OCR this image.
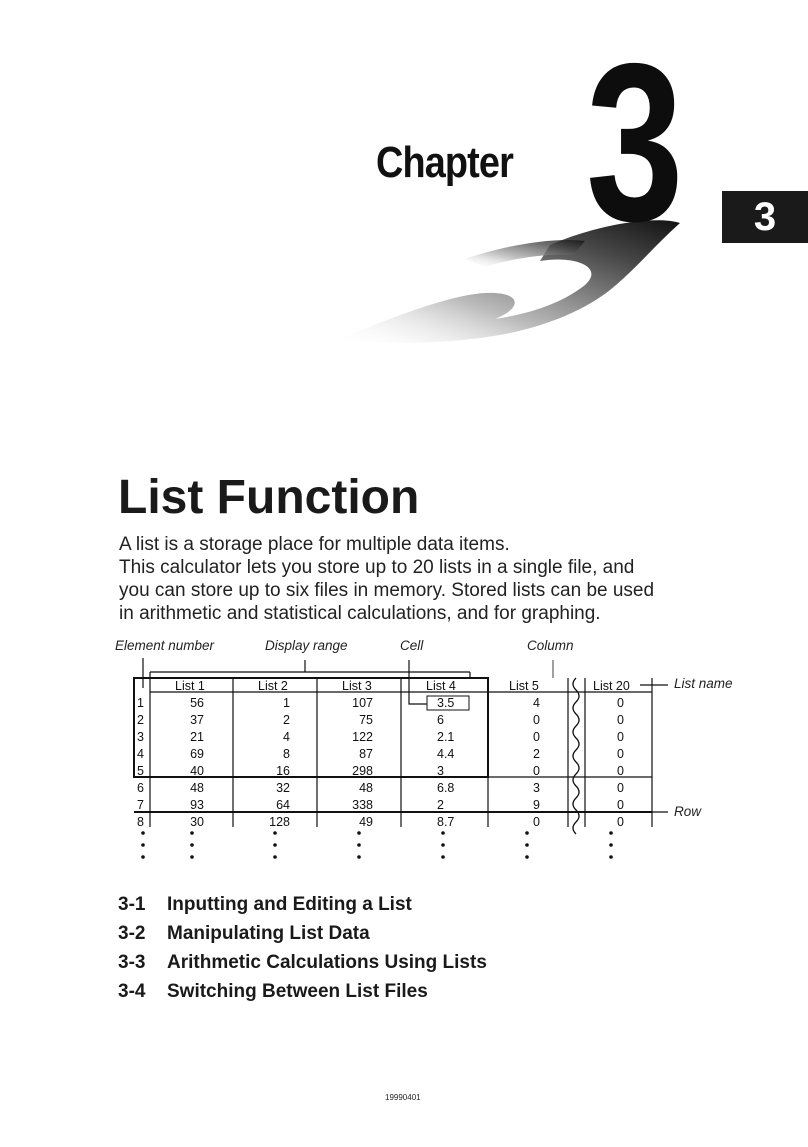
Chapter 3	3
List Function

A list is a storage place for multiple data items.

This calculator lets you store up to 20 lists in a single file, and

you can store up to six files in memory. Stored lists can be used

in arithmetic and statistical calculations, and for graphing.

Element number	Display range	Cell	Column
List name
Row
List 1	List 2	List 3	List 4	List 5	List 20
1	56	1	107	3.5	4	0
2	37	2	75	6	0	0
3	21	4	122	2.1	0	0
4	69	8	87	4.4	2	0
5	40	16	298	3	0	0
6	48	32	48	6.8	3	0
7	93	64	338	2	9	0
8	30	128	49	8.7	0	0
3-1 Inputting and Editing a List
3-2 Manipulating List Data
3-3 Arithmetic Calculations Using Lists
3-4 Switching Between List Files
19990401
